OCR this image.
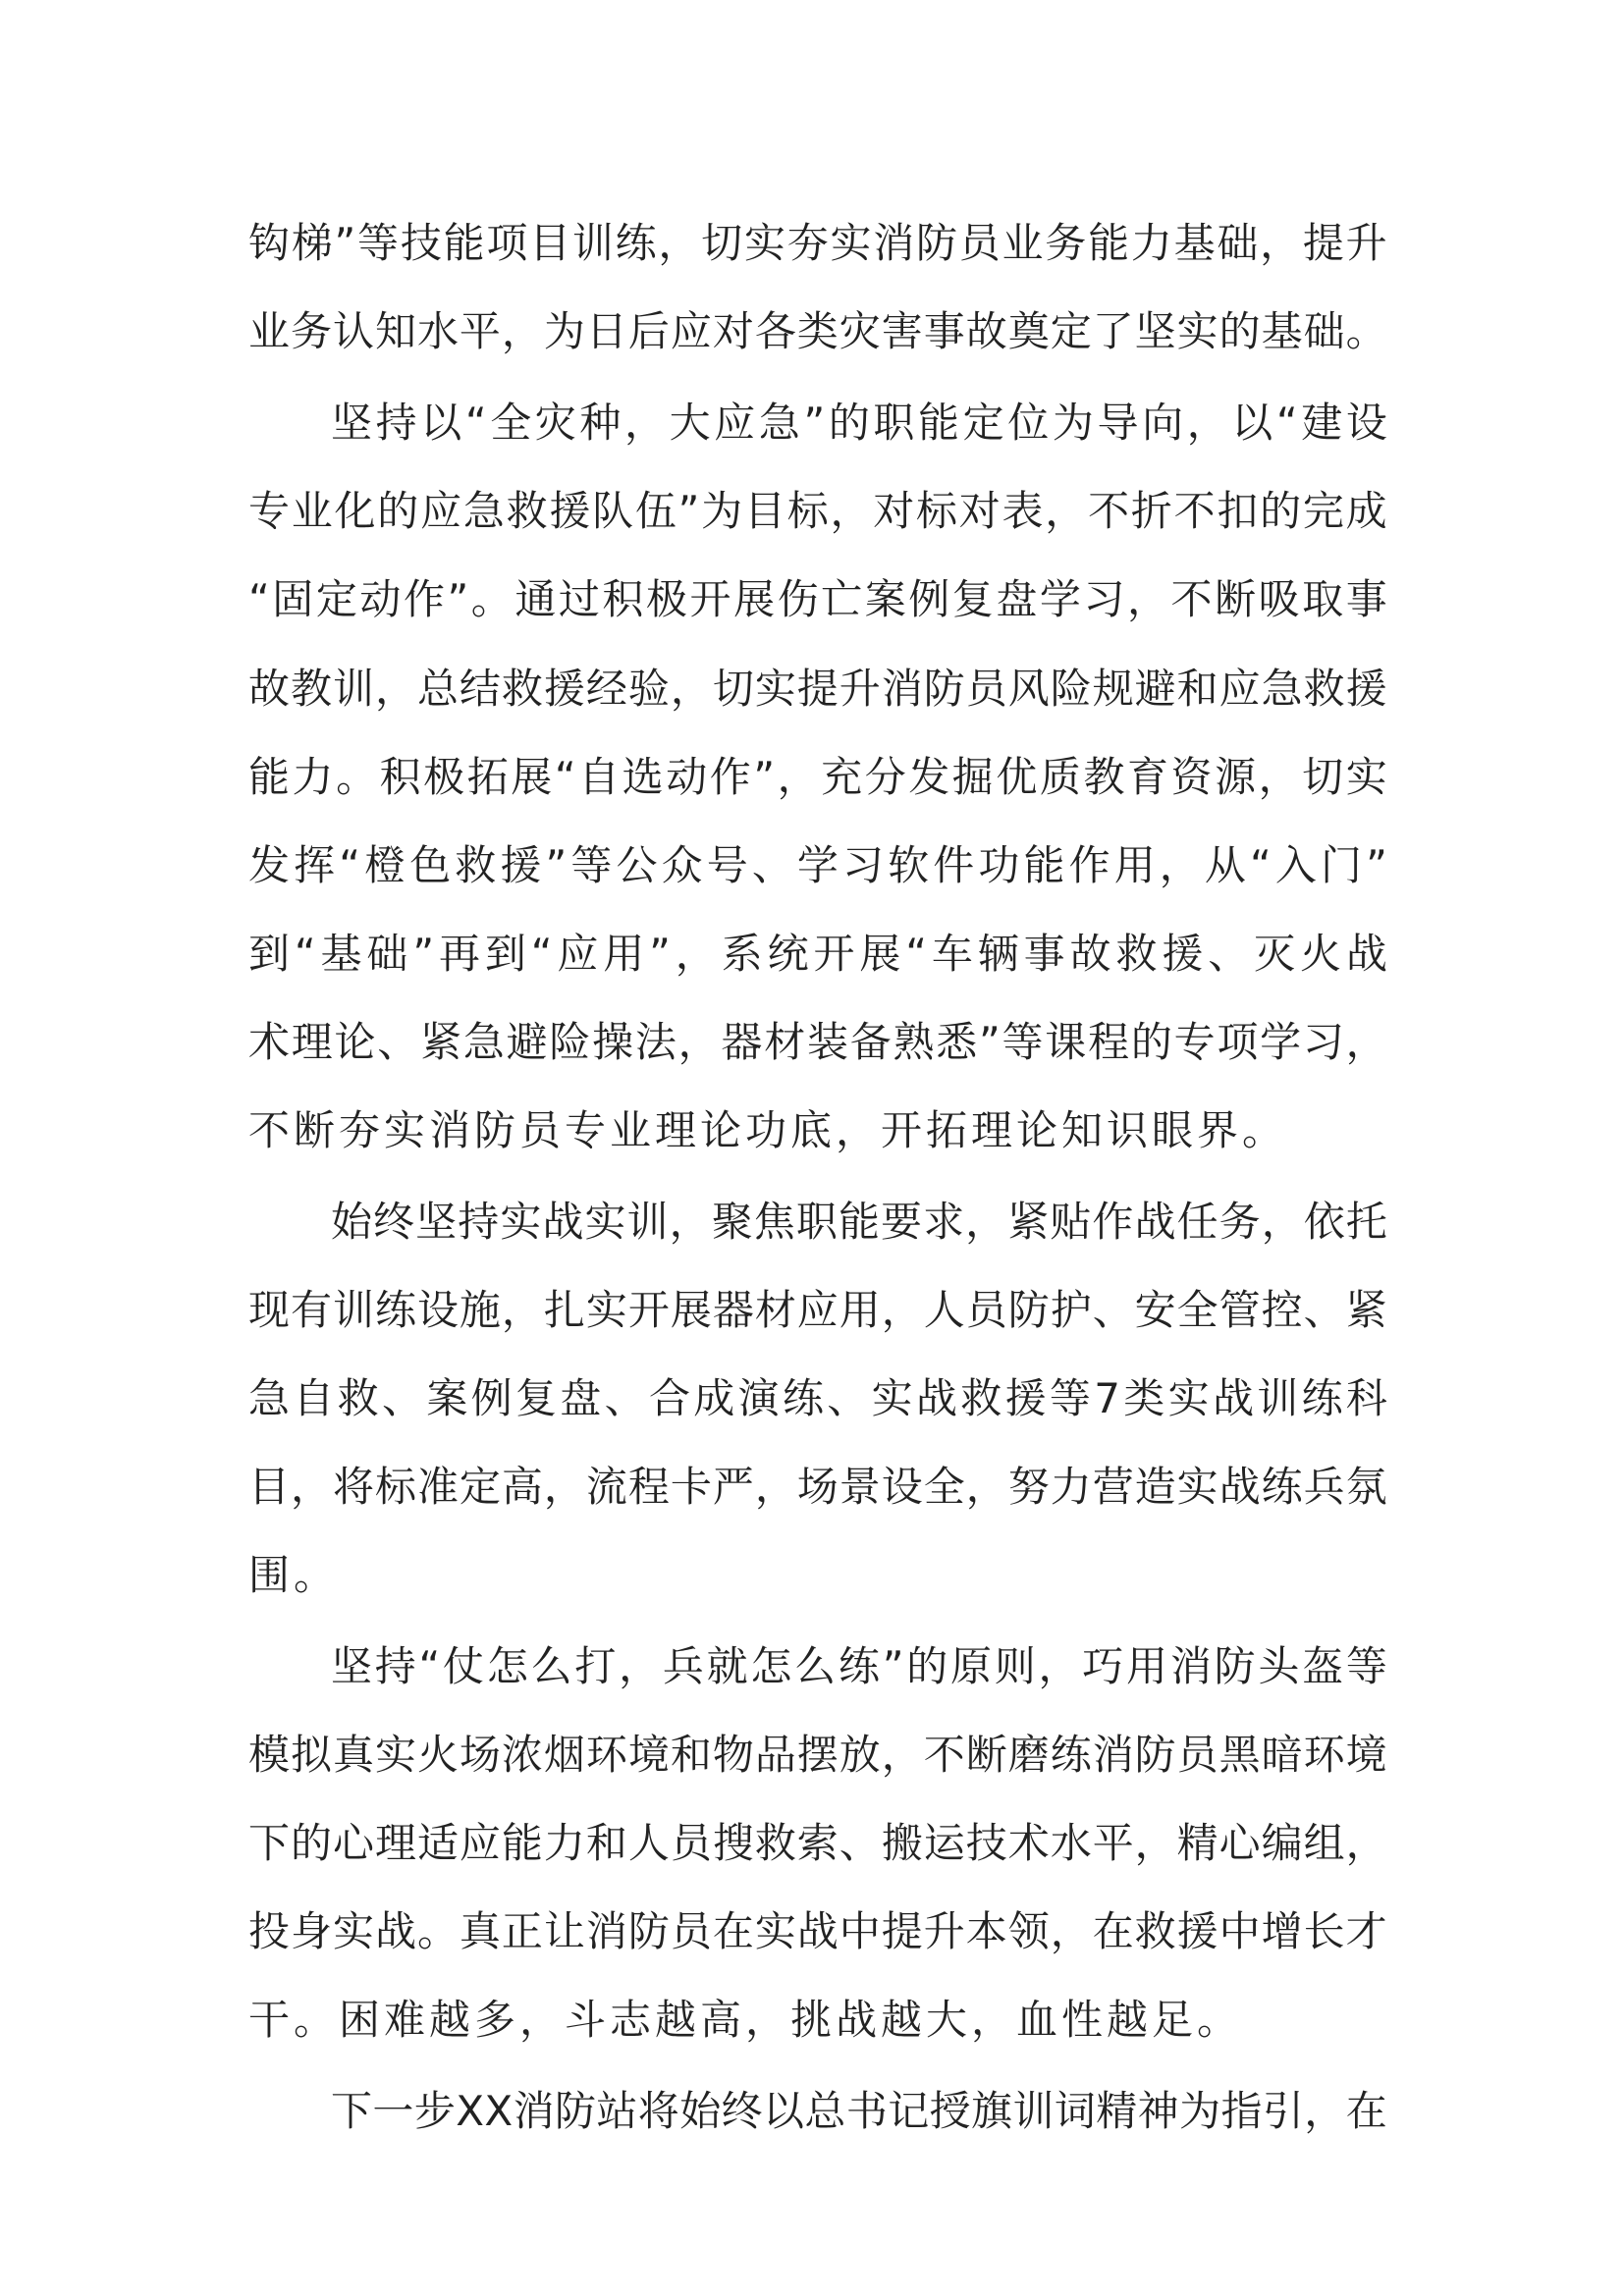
钩 梯 ” 等 技 能 项 目 训 练 ， 切 实 夯 实 消 防 员 业 务 能 力 基 础 ， 提 升
业 务 认 知 水 平 ， 为 日 后 应 对 各 类 灾 害 事 故 奠 定 了 坚 实 的 基 础 。
坚 持 以 “ 全 灾 种 ， 大 应 急 ” 的 职 能 定 位 为 导 向 ， 以 “ 建 设
专 业 化 的 应 急 救 援 队 伍 ” 为 目 标 ， 对 标 对 表 ， 不 折 不 扣 的 完 成
“ 固 定 动 作 ” 。 通 过 积 极 开 展 伤 亡 案 例 复 盘 学 习 ， 不 断 吸 取 事
故 教 训 ， 总 结 救 援 经 验 ， 切 实 提 升 消 防 员 风 险 规 避 和 应 急 救 援
能 力 。 积 极 拓 展 “ 自 选 动 作 ” ， 充 分 发 掘 优 质 教 育 资 源 ， 切 实
发 挥 “ 橙 色 救 援 ” 等 公 众 号 、 学 习 软 件 功 能 作 用 ， 从 “ 入 门 ”
到 “ 基 础 ” 再 到 “ 应 用 ” ， 系 统 开 展 “ 车 辆 事 故 救 援 、 灭 火 战
术 理 论 、 紧 急 避 险 操 法 ， 器 材 装 备 熟 悉 ” 等 课 程 的 专 项 学 习 ，
不断夯实消防员专业理论功底，开拓理论知识眼界。
始 终 坚 持 实 战 实 训 ， 聚 焦 职 能 要 求 ， 紧 贴 作 战 任 务 ， 依 托
现 有 训 练 设 施 ， 扎 实 开 展 器 材 应 用 ， 人 员 防 护 、 安 全 管 控 、 紧
急 自 救 、 案 例 复 盘 、 合 成 演 练 、 实 战 救 援 等 7 类 实 战 训 练 科
目 ， 将 标 准 定 高 ， 流 程 卡 严 ， 场 景 设 全 ， 努 力 营 造 实 战 练 兵 氛
围。
坚 持 “ 仗 怎 么 打 ， 兵 就 怎 么 练 ” 的 原 则 ， 巧 用 消 防 头 盔 等
模 拟 真 实 火 场 浓 烟 环 境 和 物 品 摆 放 ， 不 断 磨 练 消 防 员 黑 暗 环 境
下 的 心 理 适 应 能 力 和 人 员 搜 救 索 、 搬 运 技 术 水 平 ， 精 心 编 组 ，
投 身 实 战 。 真 正 让 消 防 员 在 实 战 中 提 升 本 领 ， 在 救 援 中 增 长 才
干。困难越多，斗志越高，挑战越大，血性越足。
下 一 步 X X 消 防 站 将 始 终 以 总 书 记 授 旗 训 词 精 神 为 指 引 ， 在
